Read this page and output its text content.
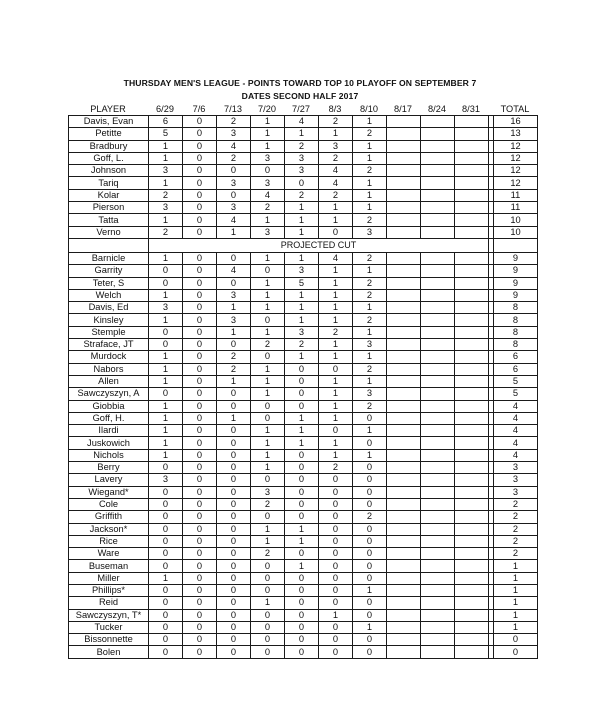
THURSDAY MEN'S LEAGUE - POINTS TOWARD TOP 10 PLAYOFF ON SEPTEMBER 7
DATES SECOND HALF 2017
PLAYER	6/29	7/6	7/13	7/20	7/27	8/3	8/10	8/17	8/24	8/31	TOTAL
Davis, Evan	6	0	2	1	4	2	1					16
Petitte	5	0	3	1	1	1	2					13
Bradbury	1	0	4	1	2	3	1					12
Goff, L.	1	0	2	3	3	2	1					12
Johnson	3	0	0	0	3	4	2					12
Tariq	1	0	3	3	0	4	1					12
Kolar	2	0	0	4	2	2	1					11
Pierson	3	0	3	2	1	1	1					11
Tatta	1	0	4	1	1	1	2					10
Verno	2	0	1	3	1	0	3					10
	PROJECTED CUT											
Barnicle	1	0	0	1	1	4	2					9
Garrity	0	0	4	0	3	1	1					9
Teter, S	0	0	0	1	5	1	2					9
Welch	1	0	3	1	1	1	2					9
Davis, Ed	3	0	1	1	1	1	1					8
Kinsley	1	0	3	0	1	1	2					8
Stemple	0	0	1	1	3	2	1					8
Straface, JT	0	0	0	2	2	1	3					8
Murdock	1	0	2	0	1	1	1					6
Nabors	1	0	2	1	0	0	2					6
Allen	1	0	1	1	0	1	1					5
Sawczyszyn, A	0	0	0	1	0	1	3					5
Giobbia	1	0	0	0	0	1	2					4
Goff, H.	1	0	1	0	1	1	0					4
Ilardi	1	0	0	1	1	0	1					4
Juskowich	1	0	0	1	1	1	0					4
Nichols	1	0	0	1	0	1	1					4
Berry	0	0	0	1	0	2	0					3
Lavery	3	0	0	0	0	0	0					3
Wiegand*	0	0	0	3	0	0	0					3
Cole	0	0	0	2	0	0	0					2
Griffith	0	0	0	0	0	0	2					2
Jackson*	0	0	0	1	1	0	0					2
Rice	0	0	0	1	1	0	0					2
Ware	0	0	0	2	0	0	0					2
Buseman	0	0	0	0	1	0	0					1
Miller	1	0	0	0	0	0	0					1
Phillips*	0	0	0	0	0	0	1					1
Reid	0	0	0	1	0	0	0					1
Sawczyszyn, T*	0	0	0	0	0	1	0					1
Tucker	0	0	0	0	0	0	1					1
Bissonnette	0	0	0	0	0	0	0					0
Bolen	0	0	0	0	0	0	0					0
